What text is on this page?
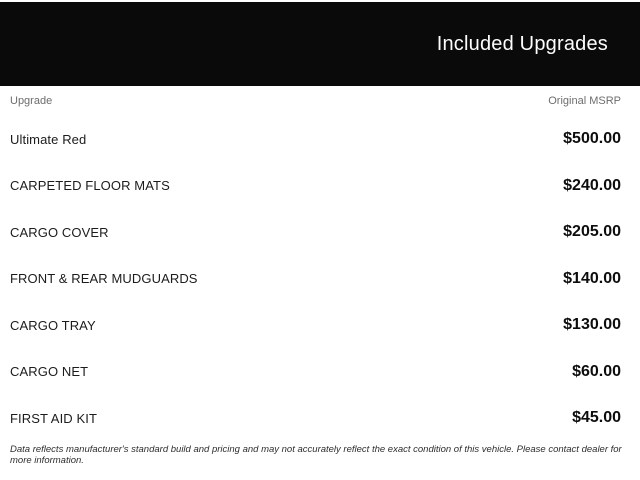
Included Upgrades
Upgrade	Original MSRP
Ultimate Red	$500.00
CARPETED FLOOR MATS	$240.00
CARGO COVER	$205.00
FRONT & REAR MUDGUARDS	$140.00
CARGO TRAY	$130.00
CARGO NET	$60.00
FIRST AID KIT	$45.00
Data reflects manufacturer's standard build and pricing and may not accurately reflect the exact condition of this vehicle. Please contact dealer for more information.
